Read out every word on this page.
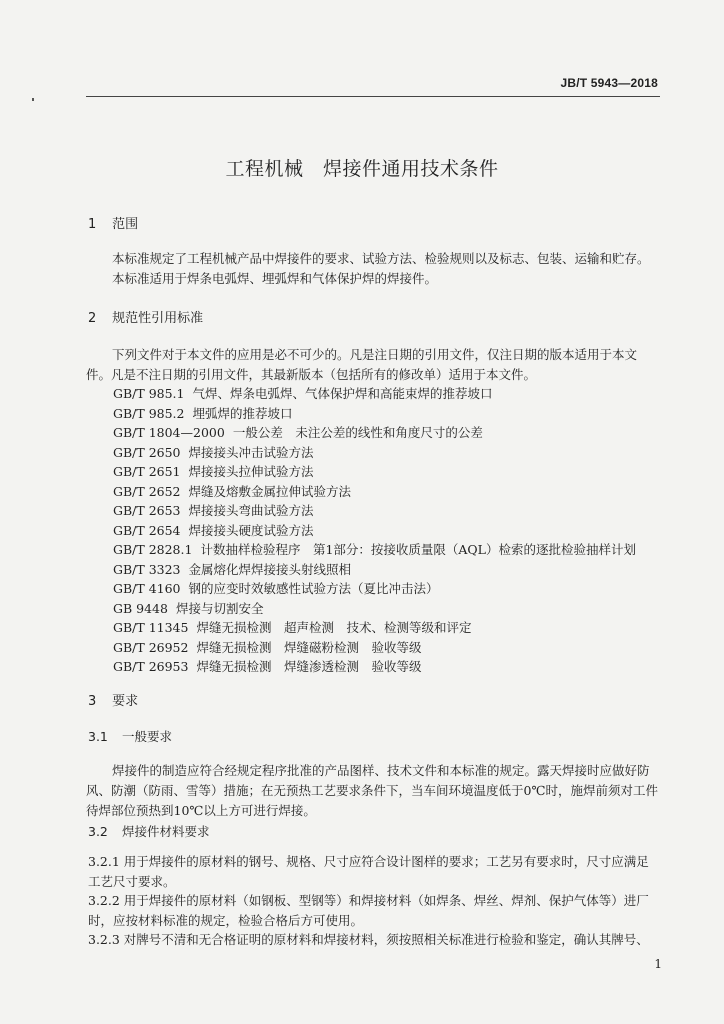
JB/T 5943—2018
工程机械　焊接件通用技术条件
1 范围
本标准规定了工程机械产品中焊接件的要求、试验方法、检验规则以及标志、包装、运输和贮存。
本标准适用于焊条电弧焊、埋弧焊和气体保护焊的焊接件。
2 规范性引用标准
下列文件对于本文件的应用是必不可少的。凡是注日期的引用文件，仅注日期的版本适用于本文件。凡是不注日期的引用文件，其最新版本（包括所有的修改单）适用于本文件。
GB/T 985.1 气焊、焊条电弧焊、气体保护焊和高能束焊的推荐坡口
GB/T 985.2 埋弧焊的推荐坡口
GB/T 1804—2000 一般公差　未注公差的线性和角度尺寸的公差
GB/T 2650 焊接接头冲击试验方法
GB/T 2651 焊接接头拉伸试验方法
GB/T 2652 焊缝及熔敷金属拉伸试验方法
GB/T 2653 焊接接头弯曲试验方法
GB/T 2654 焊接接头硬度试验方法
GB/T 2828.1 计数抽样检验程序　第1部分：按接收质量限（AQL）检索的逐批检验抽样计划
GB/T 3323 金属熔化焊焊接接头射线照相
GB/T 4160 钢的应变时效敏感性试验方法（夏比冲击法）
GB 9448 焊接与切割安全
GB/T 11345 焊缝无损检测　超声检测　技术、检测等级和评定
GB/T 26952 焊缝无损检测　焊缝磁粉检测　验收等级
GB/T 26953 焊缝无损检测　焊缝渗透检测　验收等级
3 要求
3.1 一般要求
焊接件的制造应符合经规定程序批准的产品图样、技术文件和本标准的规定。露天焊接时应做好防风、防潮（防雨、雪等）措施；在无预热工艺要求条件下，当车间环境温度低于0℃时，施焊前须对工件待焊部位预热到10℃以上方可进行焊接。
3.2 焊接件材料要求
3.2.1 用于焊接件的原材料的钢号、规格、尺寸应符合设计图样的要求；工艺另有要求时，尺寸应满足工艺尺寸要求。
3.2.2 用于焊接件的原材料（如钢板、型钢等）和焊接材料（如焊条、焊丝、焊剂、保护气体等）进厂时，应按材料标准的规定，检验合格后方可使用。
3.2.3 对牌号不清和无合格证明的原材料和焊接材料，须按照相关标准进行检验和鉴定，确认其牌号、
1
